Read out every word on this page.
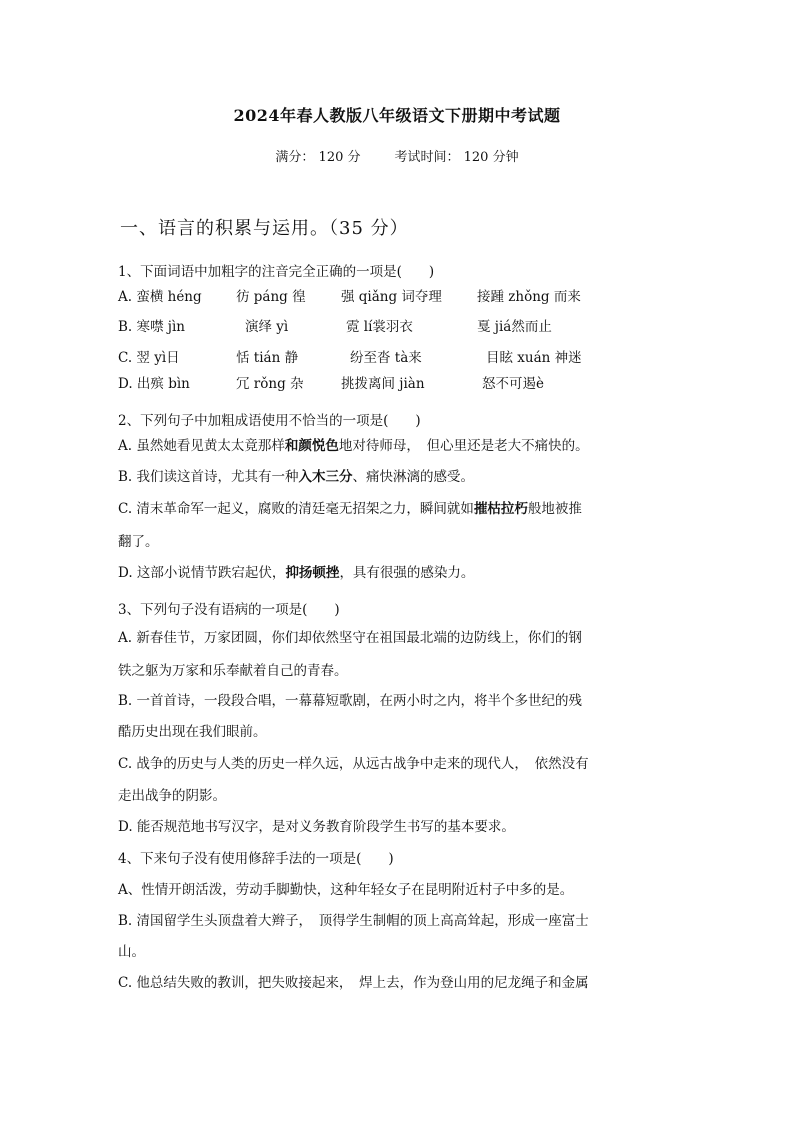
2024年春人教版八年级语文下册期中考试题
满分： 120 分	考试时间： 120 分钟
一、语言的积累与运用。（35 分）
1、下面词语中加粗字的注音完全正确的一项是(　　)
A. 蛮横 héng	彷 páng 徨	强 qiǎng 词夺理	接踵 zhǒng 而来
B. 寒噤 jìn	演绎 yì	霓 lí裳羽衣	戛 jiá然而止
C. 翌 yì日	恬 tián 静	纷至沓 tà来	目眩 xuán 神迷
D. 出殡 bìn	冗 rǒng 杂	挑拨离间 jiàn	怒不可遏è
2、下列句子中加粗成语使用不恰当的一项是(　　)
A. 虽然她看见黄太太竟那样和颜悦色地对待师母，　但心里还是老大不痛快的。
B. 我们读这首诗，尤其有一种入木三分、痛快淋漓的感受。
C. 清末革命军一起义，腐败的清廷毫无招架之力，瞬间就如摧枯拉朽般地被推
翻了。
D. 这部小说情节跌宕起伏，抑扬顿挫，具有很强的感染力。
3、下列句子没有语病的一项是(　　)
A. 新春佳节，万家团圆，你们却依然坚守在祖国最北端的边防线上，你们的钢
铁之躯为万家和乐奉献着自己的青春。
B. 一首首诗，一段段合唱，一幕幕短歌剧，在两小时之内，将半个多世纪的残
酷历史出现在我们眼前。
C. 战争的历史与人类的历史一样久远，从远古战争中走来的现代人，　依然没有
走出战争的阴影。
D. 能否规范地书写汉字，是对义务教育阶段学生书写的基本要求。
4、下来句子没有使用修辞手法的一项是(　　)
A、性情开朗活泼，劳动手脚勤快，这种年轻女子在昆明附近村子中多的是。
B. 清国留学生头顶盘着大辫子，　顶得学生制帽的顶上高高耸起，形成一座富士
山。
C. 他总结失败的教训，把失败接起来，　焊上去，作为登山用的尼龙绳子和金属
